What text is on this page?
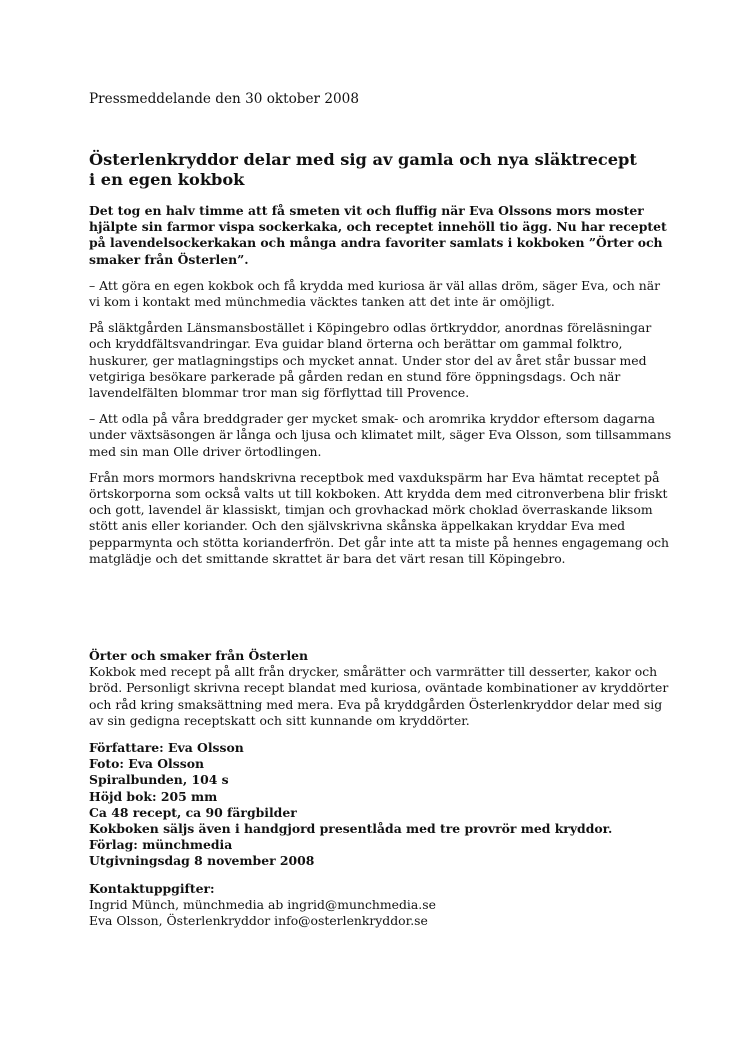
Pressmeddelande den 30 oktober 2008

Österlenkryddor delar med sig av gamla och nya släktrecept
i en egen kokbok

Det tog en halv timme att få smeten vit och fluffig när Eva Olssons mors moster hjälpte sin farmor vispa sockerkaka, och receptet innehöll tio ägg. Nu har receptet på lavendelsockerkakan och många andra favoriter samlats i kokboken ”Örter och smaker från Österlen”.

– Att göra en egen kokbok och få krydda med kuriosa är väl allas dröm, säger Eva, och när vi kom i kontakt med münchmedia väcktes tanken att det inte är omöjligt.

På släktgården Länsmansbostället i Köpingebro odlas örtkryddor, anordnas föreläsningar och kryddfältsvandringar. Eva guidar bland örterna och berättar om gammal folktro, huskurer, ger matlagningstips och mycket annat. Under stor del av året står bussar med vetgiriga besökare parkerade på gården redan en stund före öppningsdags. Och när lavendelfälten blommar tror man sig förflyttad till Provence.

– Att odla på våra breddgrader ger mycket smak- och aromrika kryddor eftersom dagarna under växtsäsongen är långa och ljusa och klimatet milt, säger Eva Olsson, som tillsammans med sin man Olle driver örtodlingen.

Från mors mormors handskrivna receptbok med vaxdukspärm har Eva hämtat receptet på örtskorporna som också valts ut till kokboken. Att krydda dem med citronverbena blir friskt och gott, lavendel är klassiskt, timjan och grovhackad mörk choklad överraskande liksom stött anis eller koriander. Och den självskrivna skånska äppelkakan kryddar Eva med pepparmynta och stötta korianderfrön. Det går inte att ta miste på hennes engagemang och matglädje och det smittande skrattet är bara det värt resan till Köpingebro.

Örter och smaker från Österlen

Kokbok med recept på allt från drycker, smårätter och varmrätter till desserter, kakor och bröd. Personligt skrivna recept blandat med kuriosa, oväntade kombinationer av kryddörter och råd kring smaksättning med mera. Eva på kryddgården Österlenkryddor delar med sig av sin gedigna receptskatt och sitt kunnande om kryddörter.

Författare: Eva Olsson
Foto: Eva Olsson
Spiralbunden, 104 s
Höjd bok: 205 mm
Ca 48 recept, ca 90 färgbilder
Kokboken säljs även i handgjord presentlåda med tre provrör med kryddor.
Förlag: münchmedia
Utgivningsdag 8 november 2008
Kontaktuppgifter:
Ingrid Münch, münchmedia ab ingrid@munchmedia.se
Eva Olsson, Österlenkryddor info@osterlenkryddor.se
